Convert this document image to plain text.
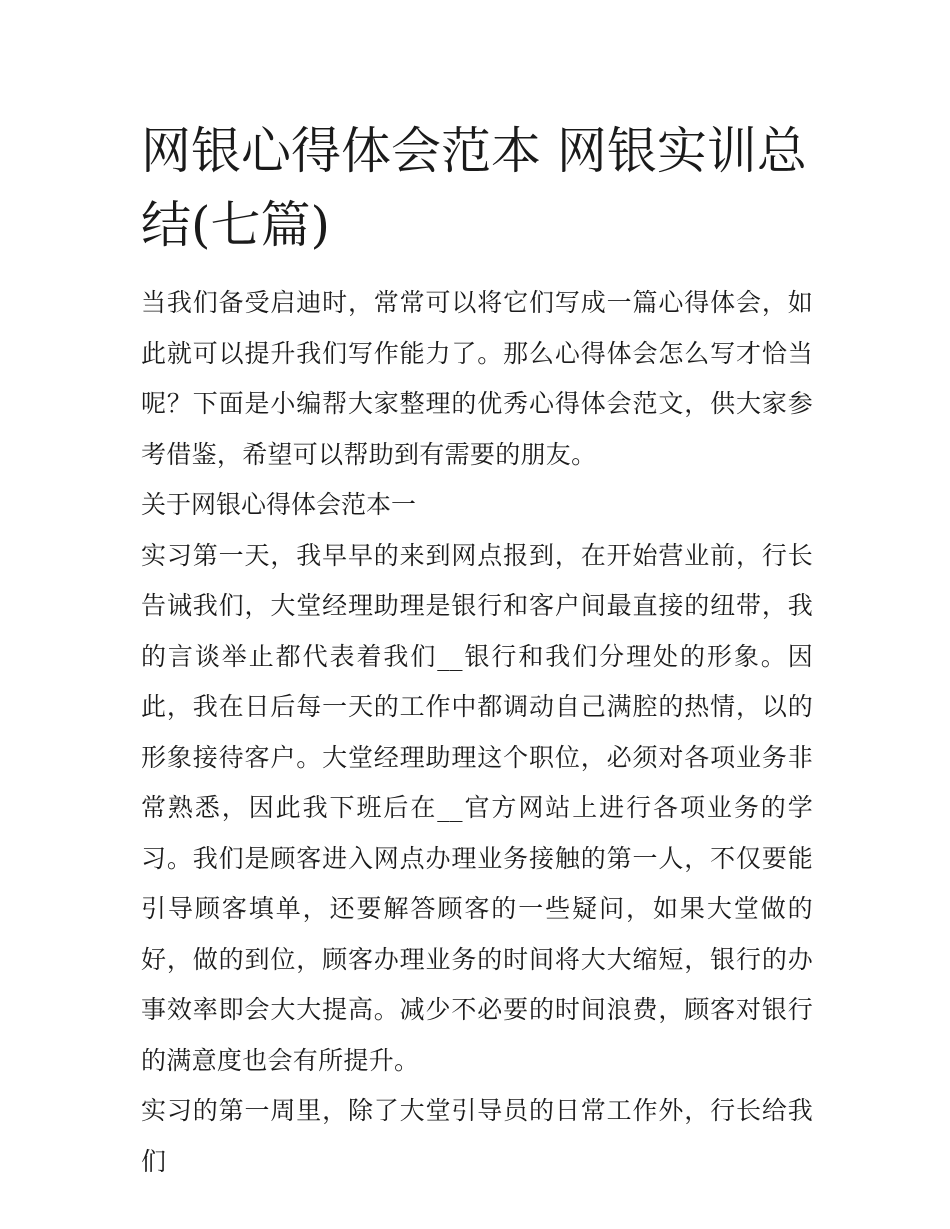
网银心得体会范本 网银实训总结(七篇)

当我们备受启迪时，常常可以将它们写成一篇心得体会，如此就可以提升我们写作能力了。那么心得体会怎么写才恰当呢？下面是小编帮大家整理的优秀心得体会范文，供大家参考借鉴，希望可以帮助到有需要的朋友。

关于网银心得体会范本一

实习第一天，我早早的来到网点报到，在开始营业前，行长告诫我们，大堂经理助理是银行和客户间最直接的纽带，我的言谈举止都代表着我们__银行和我们分理处的形象。因此，我在日后每一天的工作中都调动自己满腔的热情，以的形象接待客户。大堂经理助理这个职位，必须对各项业务非常熟悉，因此我下班后在__官方网站上进行各项业务的学习。我们是顾客进入网点办理业务接触的第一人，不仅要能引导顾客填单，还要解答顾客的一些疑问，如果大堂做的好，做的到位，顾客办理业务的时间将大大缩短，银行的办事效率即会大大提高。减少不必要的时间浪费，顾客对银行的满意度也会有所提升。

实习的第一周里，除了大堂引导员的日常工作外，行长给我们
